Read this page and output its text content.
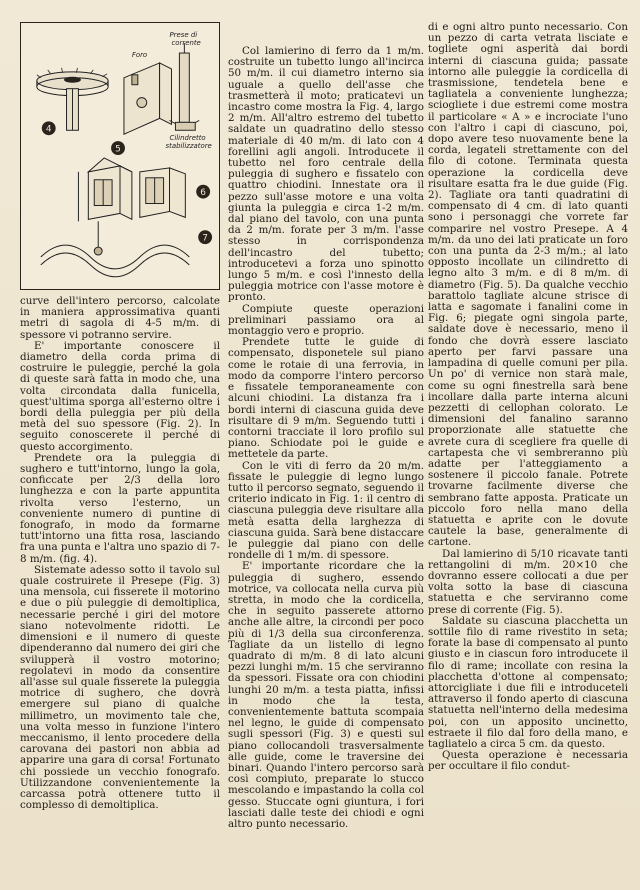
4
5
6
7
Prese di
corrente
Foro
Cilindretto
stabilizzatore

curve dell'intero percorso, calcolate in maniera approssimativa quanti metri di sagola di 4-5 m/m. di spessore vi potranno servire.

E' importante conoscere il diametro della corda prima di costruire le puleggie, perché la gola di queste sarà fatta in modo che, una volta circondata dalla funicella, quest'ultima sporga all'esterno oltre i bordi della puleggia per più della metà del suo spessore (Fig. 2). In seguito conoscerete il perché di questo accorgimento.

Prendete ora la puleggia di sughero e tutt'intorno, lungo la gola, conficcate per 2/3 della loro lunghezza e con la parte appuntita rivolta verso l'esterno, un conveniente numero di puntine di fonografo, in modo da formarne tutt'intorno una fitta rosa, lasciando fra una punta e l'altra uno spazio di 7-8 m/m. (fig. 4).

Sistemate adesso sotto il tavolo sul quale costruirete il Presepe (Fig. 3) una mensola, cui fisserete il motorino e due o più puleggie di demoltiplica, necessarie perché i giri del motore siano notevolmente ridotti. Le dimensioni e il numero di queste dipenderanno dal numero dei giri che svilupperà il vostro motorino; regolatevi in modo da consentire all'asse sul quale fisserete la puleggia motrice di sughero, che dovrà emergere sul piano di qualche millimetro, un movimento tale che, una volta messo in funzione l'intero meccanismo, il lento procedere della carovana dei pastori non abbia ad apparire una gara di corsa! Fortunato chi possiede un vecchio fonografo. Utilizzandone convenientemente la carcassa potrà ottenere tutto il complesso di demoltiplica.

Col lamierino di ferro da 1 m/m. costruite un tubetto lungo all'incirca 50 m/m. il cui diametro interno sia uguale a quello dell'asse che trasmetterà il moto; praticatevi un incastro come mostra la Fig. 4, largo 2 m/m. All'altro estremo del tubetto saldate un quadratino dello stesso materiale di 40 m/m. di lato con 4 forellini agli angoli. Introducete il tubetto nel foro centrale della puleggia di sughero e fissatelo con quattro chiodini. Innestate ora il pezzo sull'asse motore e una volta giunta la puleggia e circa 1-2 m/m. dal piano del tavolo, con una punta da 2 m/m. forate per 3 m/m. l'asse stesso in corrispondenza dell'incastro del tubetto; introducetevi a forza uno spinotto lungo 5 m/m. e così l'innesto della puleggia motrice con l'asse motore è pronto.

Compiute queste operazioni preliminari passiamo ora al montaggio vero e proprio.

Prendete tutte le guide di compensato, disponetele sul piano come le rotaie di una ferrovia, in modo da comporre l'intero percorso e fissatele temporaneamente con alcuni chiodini. La distanza fra i bordi interni di ciascuna guida deve risultare di 9 m/m. Seguendo tutti i contorni tracciate il loro profilo sul piano. Schiodate poi le guide e mettetele da parte.

Con le viti di ferro da 20 m/m. fissate le puleggie di legno lungo tutto il percorso segnato, seguendo il criterio indicato in Fig. 1: il centro di ciascuna puleggia deve risultare alla metà esatta della larghezza di ciascuna guida. Sarà bene distaccare le puleggie dal piano con delle rondelle di 1 m/m. di spessore.

E' importante ricordare che la puleggia di sughero, essendo motrice, va collocata nella curva più stretta, in modo che la cordicella, che in seguito passerete attorno anche alle altre, la circondi per poco più di 1/3 della sua circonferenza. Tagliate da un listello di legno quadrato di m/m. 8 di lato alcuni pezzi lunghi m/m. 15 che serviranno da spessori. Fissate ora con chiodini lunghi 20 m/m. a testa piatta, infissi in modo che la testa, convenientemente battuta scompaia nel legno, le guide di compensato sugli spessori (Fig. 3) e questi sul piano collocandoli trasversalmente alle guide, come le traversine dei binari. Quando l'intero percorso sarà così compiuto, preparate lo stucco mescolando e impastando la colla col gesso. Stuccate ogni giuntura, i fori lasciati dalle teste dei chiodi e ogni altro punto necessario.

di e ogni altro punto necessario. Con un pezzo di carta vetrata lisciate e togliete ogni asperità dai bordi interni di ciascuna guida; passate intorno alle puleggie la cordicella di trasmissione, tendetela bene e tagliatela a conveniente lunghezza; sciogliete i due estremi come mostra il particolare « A » e incrociate l'uno con l'altro i capi di ciascuno, poi, dopo avere teso nuovamente bene la corda, legateli strettamente con del filo di cotone. Terminata questa operazione la cordicella deve risultare esatta fra le due guide (Fig. 2). Tagliate ora tanti quadratini di compensato di 4 cm. di lato quanti sono i personaggi che vorrete far comparire nel vostro Presepe. A 4 m/m. da uno dei lati praticate un foro con una punta da 2-3 m/m.; al lato opposto incollate un cilindretto di legno alto 3 m/m. e di 8 m/m. di diametro (Fig. 5). Da qualche vecchio barattolo tagliate alcune strisce di latta e sagomate i fanalini come in Fig. 6; piegate ogni singola parte, saldate dove è necessario, meno il fondo che dovrà essere lasciato aperto per farvi passare una lampadina di quelle comuni per pila. Un po' di vernice non starà male, come su ogni finestrella sarà bene incollare dalla parte interna alcuni pezzetti di cellophan colorato. Le dimensioni del fanalino saranno proporzionate alle statuette che avrete cura di scegliere fra quelle di cartapesta che vi sembreranno più adatte per l'atteggiamento a sostenere il piccolo fanale. Potrete trovarne facilmente diverse che sembrano fatte apposta. Praticate un piccolo foro nella mano della statuetta e aprite con le dovute cautele la base, generalmente di cartone.

Dal lamierino di 5/10 ricavate tanti rettangolini di m/m. 20×10 che dovranno essere collocati a due per volta sotto la base di ciascuna statuetta e che serviranno come prese di corrente (Fig. 5).

Saldate su ciascuna placchetta un sottile filo di rame rivestito in seta; forate la base di compensato al punto giusto e in ciascun foro introducete il filo di rame; incollate con resina la placchetta d'ottone al compensato; attorcigliate i due fili e introduceteli attraverso il fondo aperto di ciascuna statuetta nell'interno della medesima poi, con un apposito uncinetto, estraete il filo dal foro della mano, e tagliatelo a circa 5 cm. da questo.

Questa operazione è necessaria per occultare il filo condut-
